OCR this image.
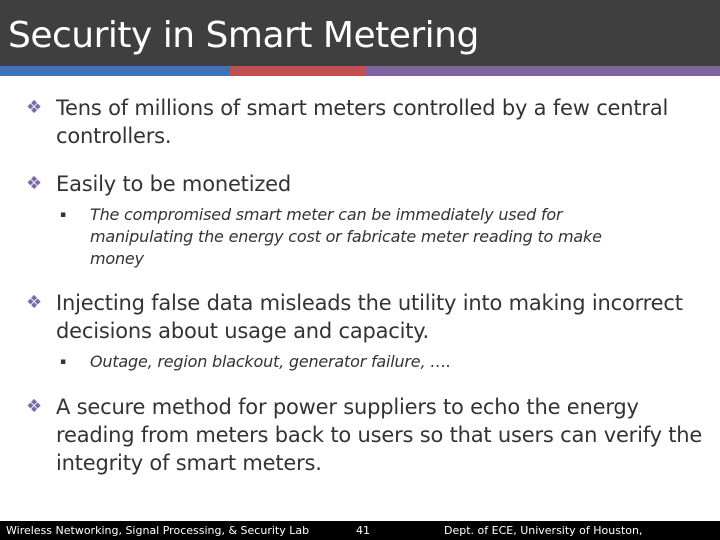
Security in Smart Metering
❖ Tens of millions of smart meters controlled by a few central controllers.
❖ Easily to be monetized
▪ The compromised smart meter can be immediately used for manipulating the energy cost or fabricate meter reading to make money
❖ Injecting false data misleads the utility into making incorrect decisions about usage and capacity.
▪ Outage, region blackout, generator failure, ….
❖ A secure method for power suppliers to echo the energy reading from meters back to users so that users can verify the integrity of smart meters.
Wireless Networking, Signal Processing, & Security Lab	41	Dept. of ECE, University of Houston,
